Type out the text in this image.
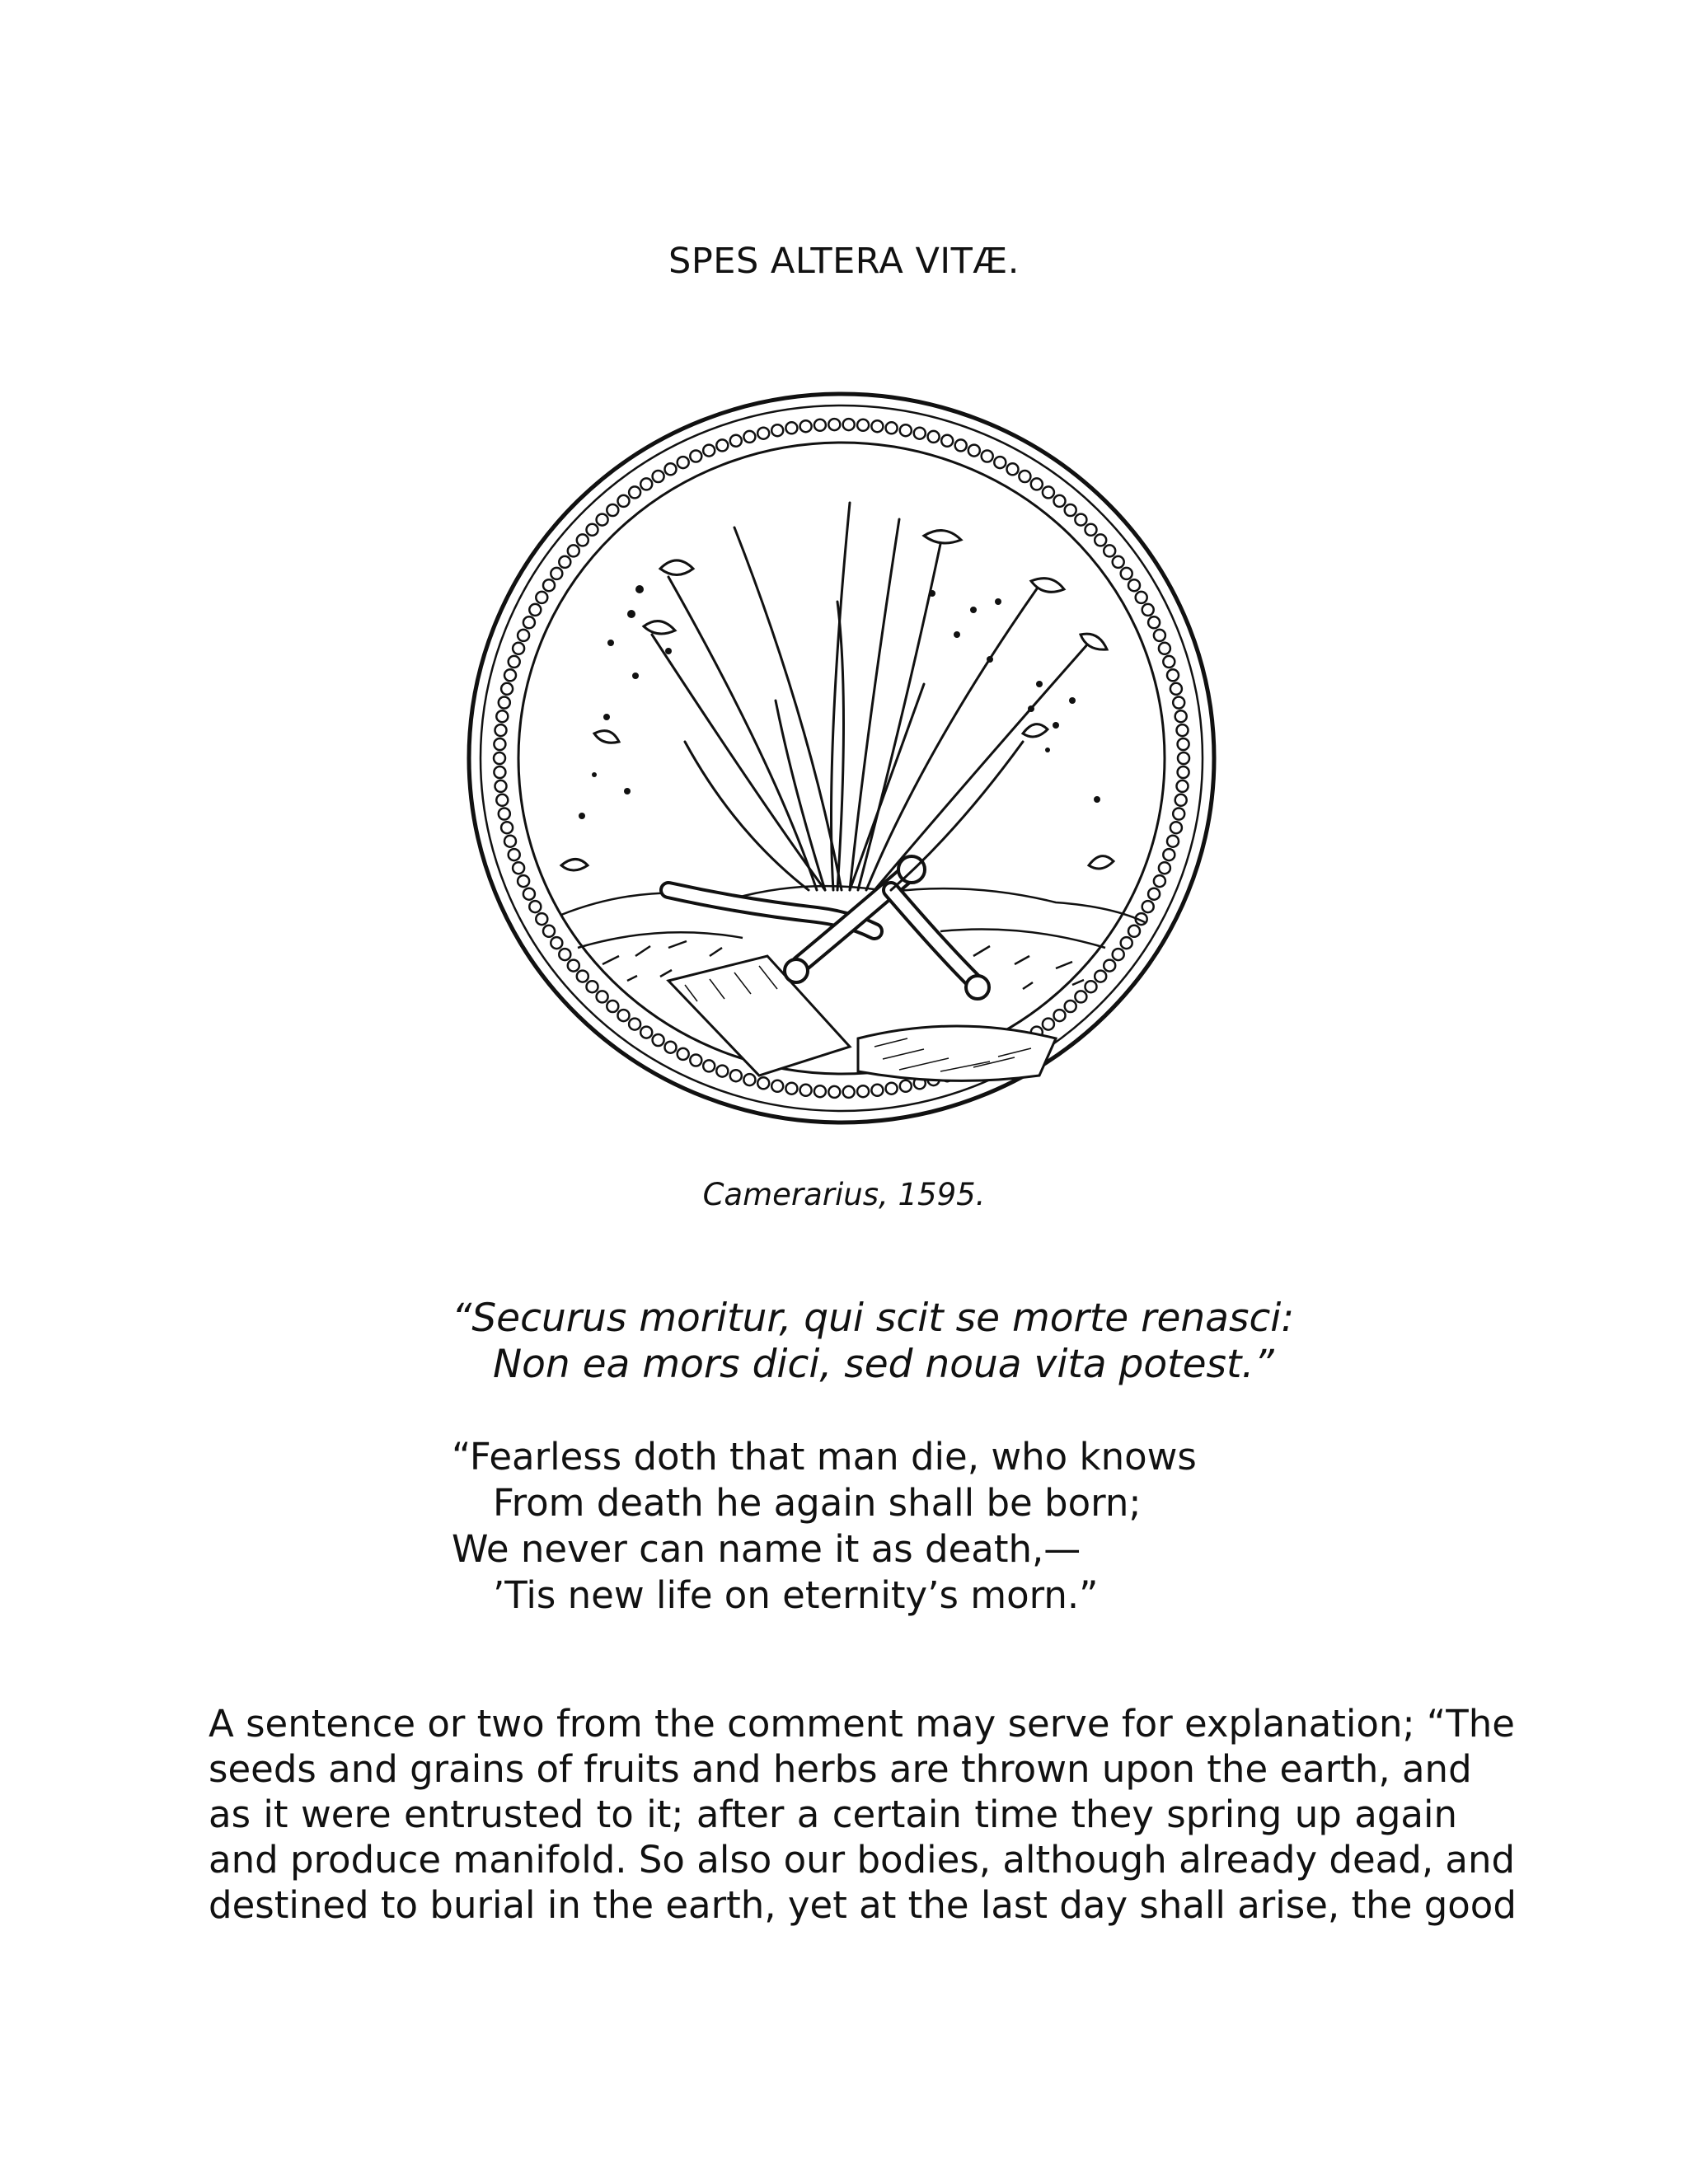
SPES ALTERA VITÆ.
Camerarius, 1595.
“Securus moritur, qui scit se morte renasci:
Non ea mors dici, sed noua vita potest.”
“Fearless doth that man die, who knows
From death he again shall be born;
We never can name it as death,—
’Tis new life on eternity’s morn.”
A sentence or two from the comment may serve for explanation; “The
seeds and grains of fruits and herbs are thrown upon the earth, and
as it were entrusted to it; after a certain time they spring up again
and produce manifold. So also our bodies, although already dead, and
destined to burial in the earth, yet at the last day shall arise, the good
